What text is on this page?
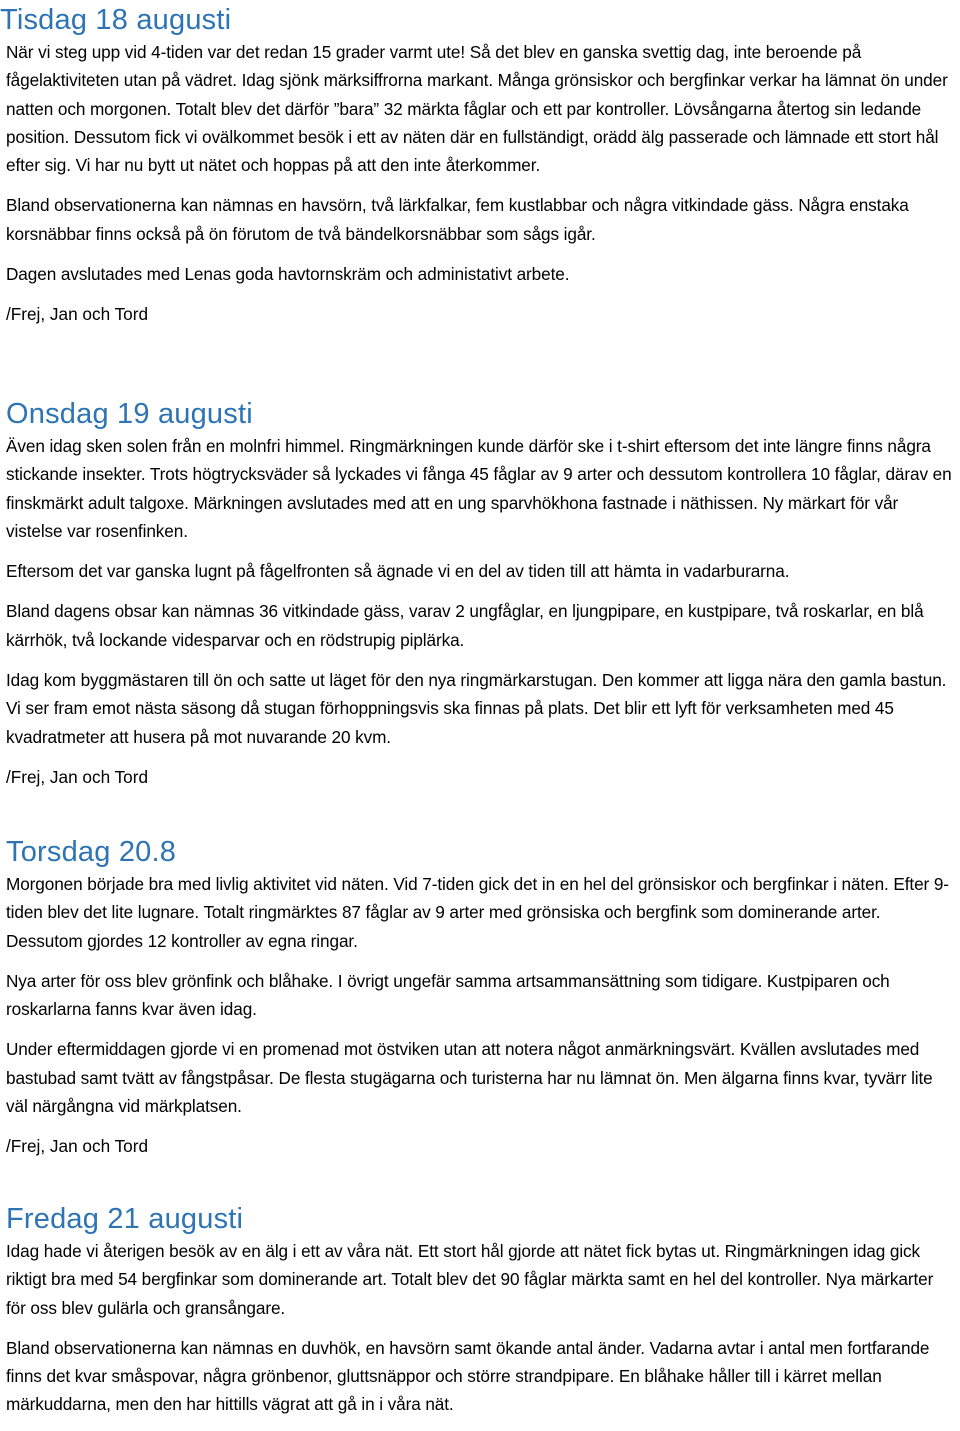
Tisdag 18 augusti

När vi steg upp vid 4-tiden var det redan 15 grader varmt ute! Så det blev en ganska svettig dag, inte beroende på fågelaktiviteten utan på vädret. Idag sjönk märksiffrorna markant. Många grönsiskor och bergfinkar verkar ha lämnat ön under natten och morgonen. Totalt blev det därför ”bara” 32 märkta fåglar och ett par kontroller. Lövsångarna återtog sin ledande position. Dessutom fick vi ovälkommet besök i ett av näten där en fullständigt, orädd älg passerade och lämnade ett stort hål efter sig. Vi har nu bytt ut nätet och hoppas på att den inte återkommer.

Bland observationerna kan nämnas en havsörn, två lärkfalkar, fem kustlabbar och några vitkindade gäss. Några enstaka korsnäbbar finns också på ön förutom de två bändelkorsnäbbar som sågs igår.

Dagen avslutades med Lenas goda havtornskräm och administativt arbete.

/Frej, Jan och Tord

Onsdag 19 augusti

Även idag sken solen från en molnfri himmel. Ringmärkningen kunde därför ske i t-shirt eftersom det inte längre finns några stickande insekter. Trots högtrycksväder så lyckades vi fånga 45 fåglar av 9 arter och dessutom kontrollera 10 fåglar, därav en finskmärkt adult talgoxe. Märkningen avslutades med att en ung sparvhökhona fastnade i näthissen. Ny märkart för vår vistelse var rosenfinken.

Eftersom det var ganska lugnt på fågelfronten så ägnade vi en del av tiden till att hämta in vadarburarna.

Bland dagens obsar kan nämnas 36 vitkindade gäss, varav 2 ungfåglar, en ljungpipare, en kustpipare, två roskarlar, en blå kärrhök, två lockande videsparvar och en rödstrupig piplärka.

Idag kom byggmästaren till ön och satte ut läget för den nya ringmärkarstugan. Den kommer att ligga nära den gamla bastun. Vi ser fram emot nästa säsong då stugan förhoppningsvis ska finnas på plats. Det blir ett lyft för verksamheten med 45 kvadratmeter att husera på mot nuvarande 20 kvm.

/Frej, Jan och Tord

Torsdag 20.8

Morgonen började bra med livlig aktivitet vid näten. Vid 7-tiden gick det in en hel del grönsiskor och bergfinkar i näten. Efter 9-tiden blev det lite lugnare. Totalt ringmärktes 87 fåglar av 9 arter med grönsiska och bergfink som dominerande arter. Dessutom gjordes 12 kontroller av egna ringar.

Nya arter för oss blev grönfink och blåhake. I övrigt ungefär samma artsammansättning som tidigare. Kustpiparen och roskarlarna fanns kvar även idag.

Under eftermiddagen gjorde vi en promenad mot östviken utan att notera något anmärkningsvärt. Kvällen avslutades med bastubad samt tvätt av fångstpåsar. De flesta stugägarna och turisterna har nu lämnat ön. Men älgarna finns kvar, tyvärr lite väl närgångna vid märkplatsen.

/Frej, Jan och Tord

Fredag 21 augusti

Idag hade vi återigen besök av en älg i ett av våra nät. Ett stort hål gjorde att nätet fick bytas ut. Ringmärkningen idag gick riktigt bra med 54 bergfinkar som dominerande art. Totalt blev det 90 fåglar märkta samt en hel del kontroller. Nya märkarter för oss blev gulärla och gransångare.

Bland observationerna kan nämnas en duvhök, en havsörn samt ökande antal änder. Vadarna avtar i antal men fortfarande finns det kvar småspovar, några grönbenor, gluttsnäppor och större strandpipare. En blåhake håller till i kärret mellan märkuddarna, men den har hittills vägrat att gå in i våra nät.
